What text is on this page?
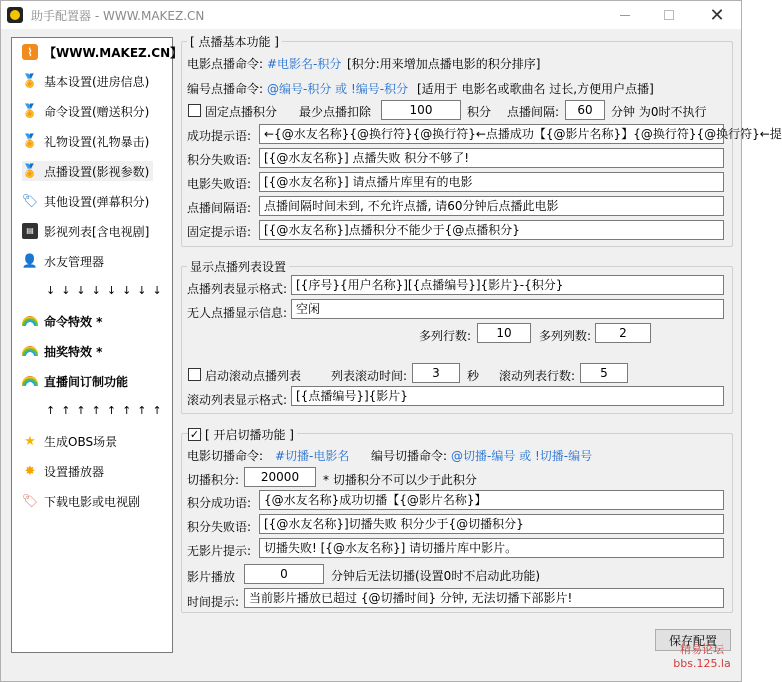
助手配置器 - WWW.MAKEZ.CN	✕
⌇ 【WWW.MAKEZ.CN】
🏅 基本设置(进房信息)
🏅 命令设置(赠送积分)
🏅 礼物设置(礼物暴击)
🏅 点播设置(影视参数)
🏷 其他设置(弹幕积分)
▤ 影视列表[含电视剧]
👤 水友管理器
↓↓↓↓↓↓↓↓
命令特效 *
抽奖特效 *
直播间订制功能
↑↑↑↑↑↑↑↑
★ 生成OBS场景
✸ 设置播放器
🏷 下载电影或电视剧
[ 点播基本功能 ]
电影点播命令: #电影名-积分 [积分:用来增加点播电影的积分排序]
编号点播命令: @编号-积分 或 !编号-积分 [适用于 电影名或歌曲名 过长,方便用户点播]
固定点播积分 最少点播扣除	100	积分 点播间隔:	60	分钟 为0时不执行
成功提示语:	←{@水友名称}{@换行符}{@换行符}←点播成功【{@影片名称}】{@换行符}{@换行符}←提
积分失败语:	[{@水友名称}] 点播失败 积分不够了!
电影失败语:	[{@水友名称}] 请点播片库里有的电影
点播间隔语:	点播间隔时间未到, 不允许点播, 请60分钟后点播此电影
固定提示语:	[{@水友名称}]点播积分不能少于{@点播积分}
显示点播列表设置
点播列表显示格式: [{序号}{用户名称}][{点播编号}]{影片}-{积分}
无人点播显示信息: 空闲
多列行数:	10	多列列数:	2
启动滚动点播列表 列表滚动时间:	3	秒 滚动列表行数:	5
滚动列表显示格式: [{点播编号}]{影片}
✓ [ 开启切播功能 ]
电影切播命令: #切播-电影名 编号切播命令: @切播-编号 或 !切播-编号
切播积分:	20000	* 切播积分不可以少于此积分
积分成功语:	{@水友名称}成功切播【{@影片名称}】
积分失败语:	[{@水友名称}]切播失败 积分少于{@切播积分}
无影片提示:	切播失败! [{@水友名称}] 请切播片库中影片。
影片播放	0	分钟后无法切播(设置0时不启动此功能)
时间提示: 当前影片播放已超过 {@切播时间} 分钟, 无法切播下部影片!
保存配置
精易论坛
bbs.125.la
